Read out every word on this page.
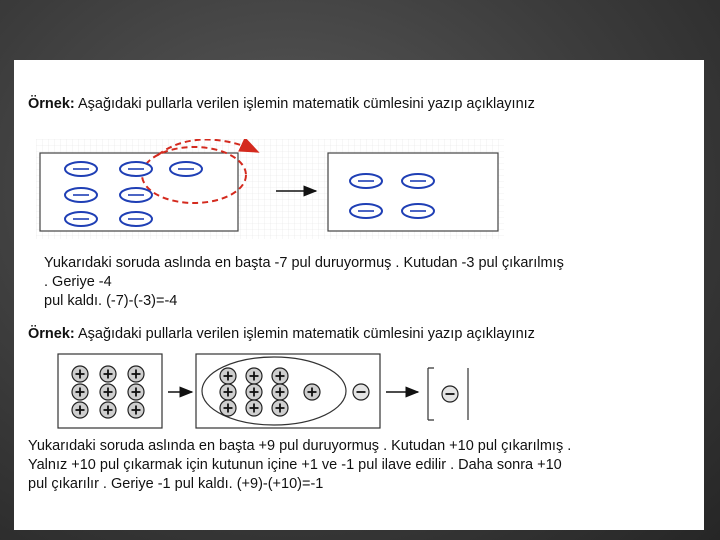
Örnek: Aşağıdaki pullarla verilen işlemin matematik cümlesini yazıp açıklayınız
Yukarıdaki soruda aslında en başta -7 pul duruyormuş . Kutudan -3 pul çıkarılmış
. Geriye -4
pul kaldı. (-7)-(-3)=-4
Örnek: Aşağıdaki pullarla verilen işlemin matematik cümlesini yazıp açıklayınız
Yukarıdaki soruda aslında en başta +9 pul duruyormuş . Kutudan +10 pul çıkarılmış .
Yalnız +10 pul çıkarmak için kutunun içine +1 ve -1 pul ilave edilir . Daha sonra +10
pul çıkarılır . Geriye -1 pul kaldı. (+9)-(+10)=-1
